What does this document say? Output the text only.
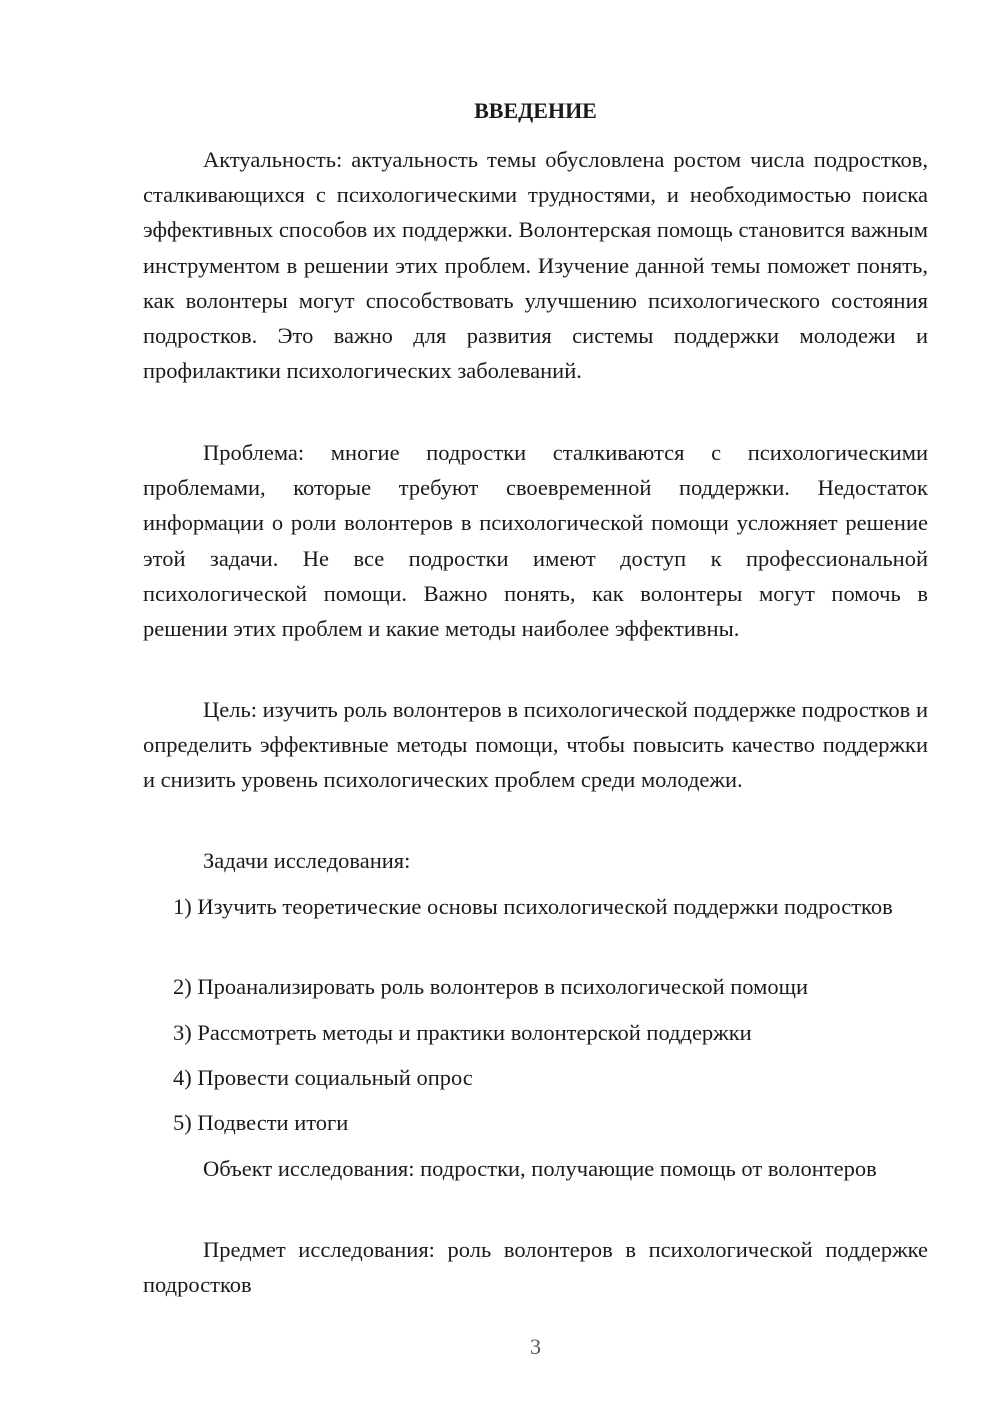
ВВЕДЕНИЕ

Актуальность: актуальность темы обусловлена ростом числа подростков, сталкивающихся с психологическими трудностями, и необходимостью поиска эффективных способов их поддержки. Волонтерская помощь становится важным инструментом в решении этих проблем. Изучение данной темы поможет понять, как волонтеры могут способствовать улучшению психологического состояния подростков. Это важно для развития системы поддержки молодежи и профилактики психологических заболеваний.

Проблема: многие подростки сталкиваются с психологическими проблемами, которые требуют своевременной поддержки. Недостаток информации о роли волонтеров в психологической помощи усложняет решение этой задачи. Не все подростки имеют доступ к профессиональной психологической помощи. Важно понять, как волонтеры могут помочь в решении этих проблем и какие методы наиболее эффективны.

Цель: изучить роль волонтеров в психологической поддержке подростков и определить эффективные методы помощи, чтобы повысить качество поддержки и снизить уровень психологических проблем среди молодежи.

Задачи исследования:

1) Изучить теоретические основы психологической поддержки подростков

2) Проанализировать роль волонтеров в психологической помощи

3) Рассмотреть методы и практики волонтерской поддержки

4) Провести социальный опрос

5) Подвести итоги

Объект исследования: подростки, получающие помощь от волонтеров

Предмет исследования: роль волонтеров в психологической поддержке подростков

3
